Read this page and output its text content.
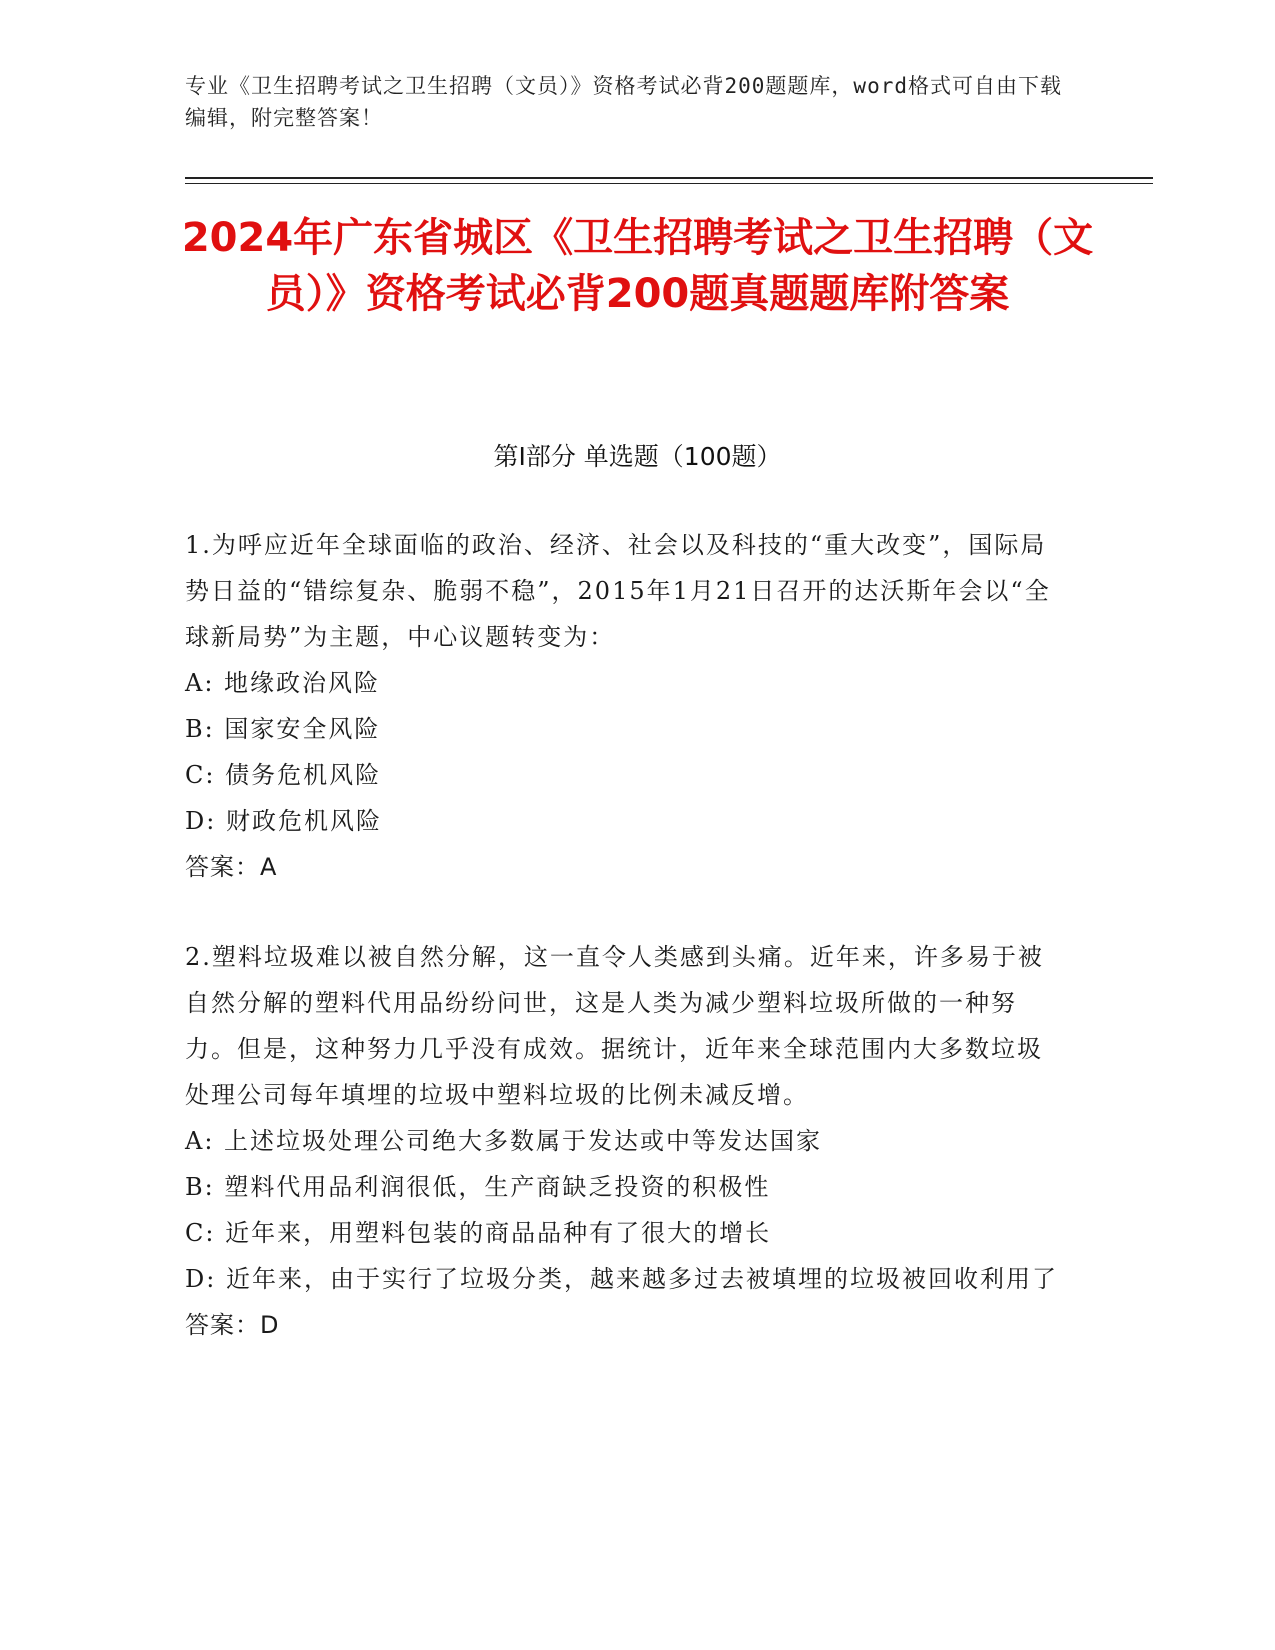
专业《卫生招聘考试之卫生招聘（文员）》资格考试必背200题题库，word格式可自由下载编辑，附完整答案！
2024年广东省城区《卫生招聘考试之卫生招聘（文员）》资格考试必背200题真题题库附答案
第I部分 单选题（100题）

1.为呼应近年全球面临的政治、经济、社会以及科技的“重大改变”，国际局势日益的“错综复杂、脆弱不稳”，2015年1月21日召开的达沃斯年会以“全球新局势”为主题，中心议题转变为：

A: 地缘政治风险

B: 国家安全风险

C: 债务危机风险

D: 财政危机风险

答案：A

2.塑料垃圾难以被自然分解，这一直令人类感到头痛。近年来，许多易于被自然分解的塑料代用品纷纷问世，这是人类为减少塑料垃圾所做的一种努力。但是，这种努力几乎没有成效。据统计，近年来全球范围内大多数垃圾处理公司每年填埋的垃圾中塑料垃圾的比例未减反增。

A: 上述垃圾处理公司绝大多数属于发达或中等发达国家

B: 塑料代用品利润很低，生产商缺乏投资的积极性

C: 近年来，用塑料包装的商品品种有了很大的增长

D: 近年来，由于实行了垃圾分类，越来越多过去被填埋的垃圾被回收利用了

答案：D
